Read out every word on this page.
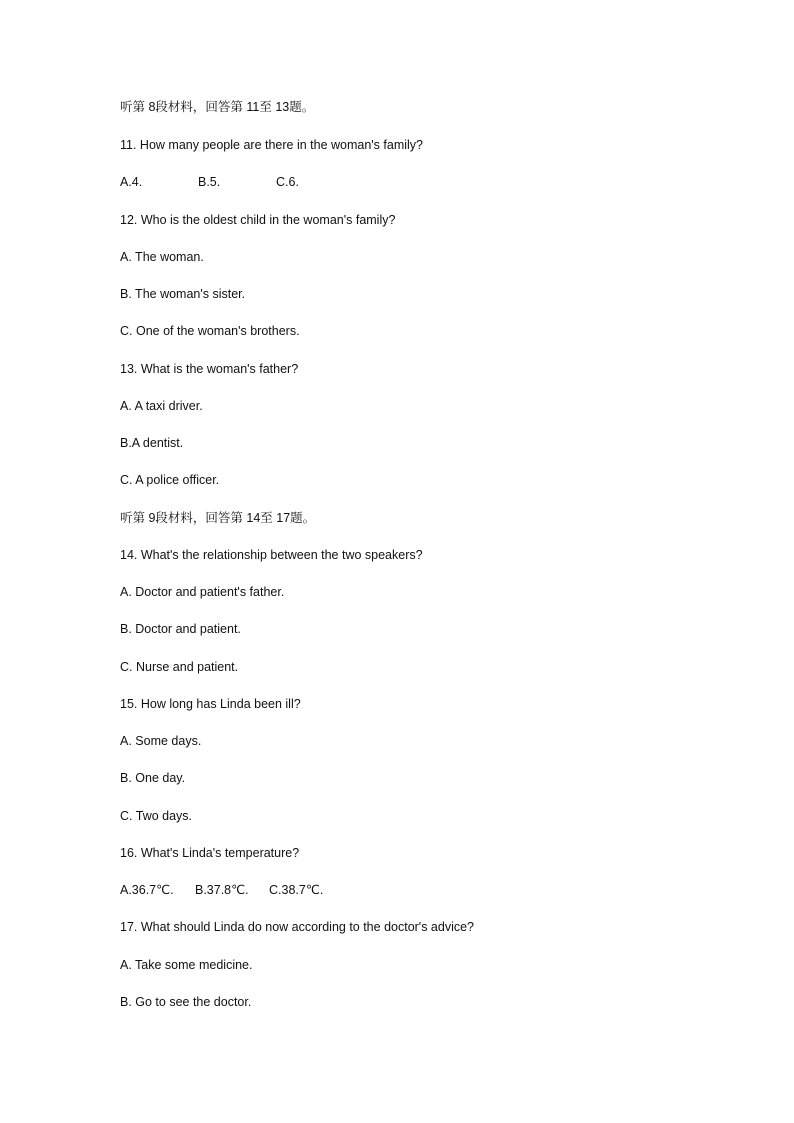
听第 8段材料，回答第 11至 13题。
11. How many people are there in the woman's family?
A.4.	B.5.	C.6.
12. Who is the oldest child in the woman's family?
A. The woman.
B. The woman's sister.
C. One of the woman's brothers.
13. What is the woman's father?
A. A taxi driver.
B.A dentist.
C. A police officer.
听第 9段材料，回答第 14至 17题。
14. What's the relationship between the two speakers?
A. Doctor and patient's father.
B. Doctor and patient.
C. Nurse and patient.
15. How long has Linda been ill?
A. Some days.
B. One day.
C. Two days.
16. What's Linda's temperature?
A.36.7℃. B.37.8℃. C.38.7℃.
17. What should Linda do now according to the doctor's advice?
A. Take some medicine.
B. Go to see the doctor.
